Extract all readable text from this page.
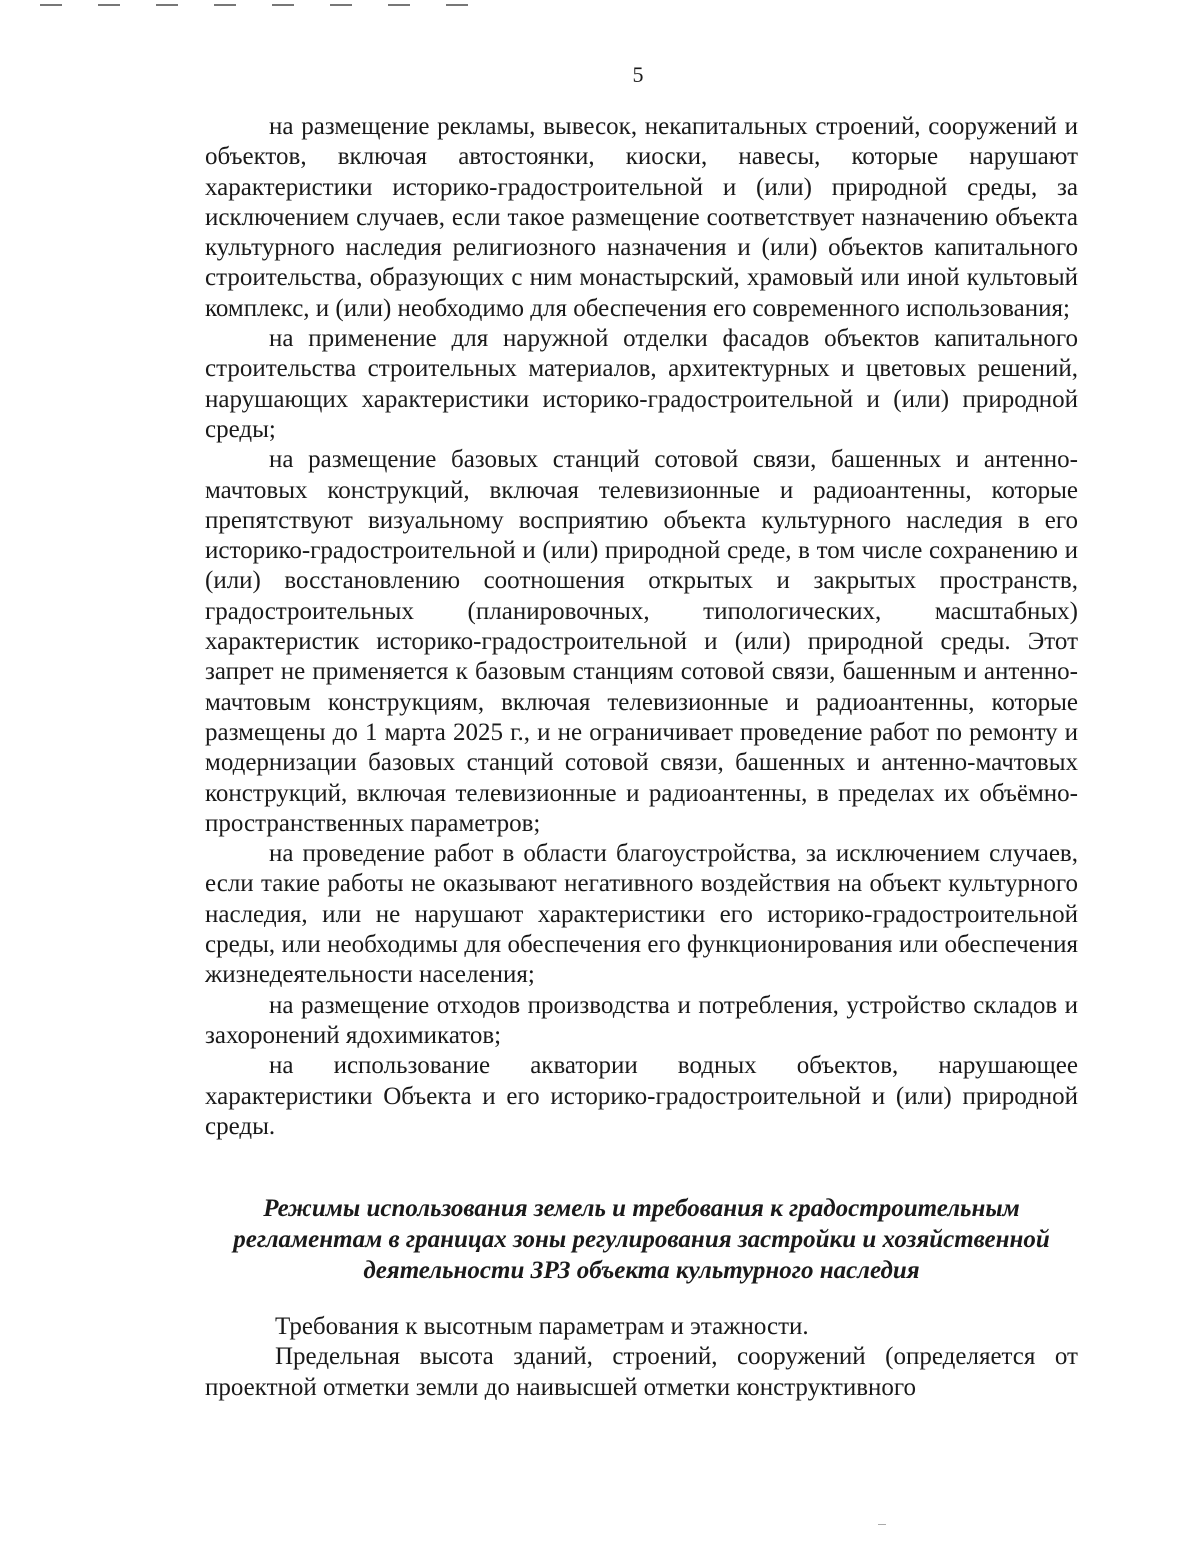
5

на размещение рекламы, вывесок, некапитальных строений, сооружений и объектов, включая автостоянки, киоски, навесы, которые нарушают характеристики историко-градостроительной и (или) природной среды, за исключением случаев, если такое размещение соответствует назначению объекта культурного наследия религиозного назначения и (или) объектов капитального строительства, образующих с ним монастырский, храмовый или иной культовый комплекс, и (или) необходимо для обеспечения его современного использования;

на применение для наружной отделки фасадов объектов капитального строительства строительных материалов, архитектурных и цветовых решений, нарушающих характеристики историко-градостроительной и (или) природной среды;

на размещение базовых станций сотовой связи, башенных и антенно-мачтовых конструкций, включая телевизионные и радиоантенны, которые препятствуют визуальному восприятию объекта культурного наследия в его историко-градостроительной и (или) природной среде, в том числе сохранению и (или) восстановлению соотношения открытых и закрытых пространств, градостроительных (планировочных, типологических, масштабных) характеристик историко-градостроительной и (или) природной среды. Этот запрет не применяется к базовым станциям сотовой связи, башенным и антенно-мачтовым конструкциям, включая телевизионные и радиоантенны, которые размещены до 1 марта 2025 г., и не ограничивает проведение работ по ремонту и модернизации базовых станций сотовой связи, башенных и антенно-мачтовых конструкций, включая телевизионные и радиоантенны, в пределах их объёмно-пространственных параметров;

на проведение работ в области благоустройства, за исключением случаев, если такие работы не оказывают негативного воздействия на объект культурного наследия, или не нарушают характеристики его историко-градостроительной среды, или необходимы для обеспечения его функционирования или обеспечения жизнедеятельности населения;

на размещение отходов производства и потребления, устройство складов и захоронений ядохимикатов;

на использование акватории водных объектов, нарушающее характеристики Объекта и его историко-градостроительной и (или) природной среды.

Режимы использования земель и требования к градостроительным регламентам в границах зоны регулирования застройки и хозяйственной деятельности ЗРЗ объекта культурного наследия

Требования к высотным параметрам и этажности.

Предельная высота зданий, строений, сооружений (определяется от проектной отметки земли до наивысшей отметки конструктивного
